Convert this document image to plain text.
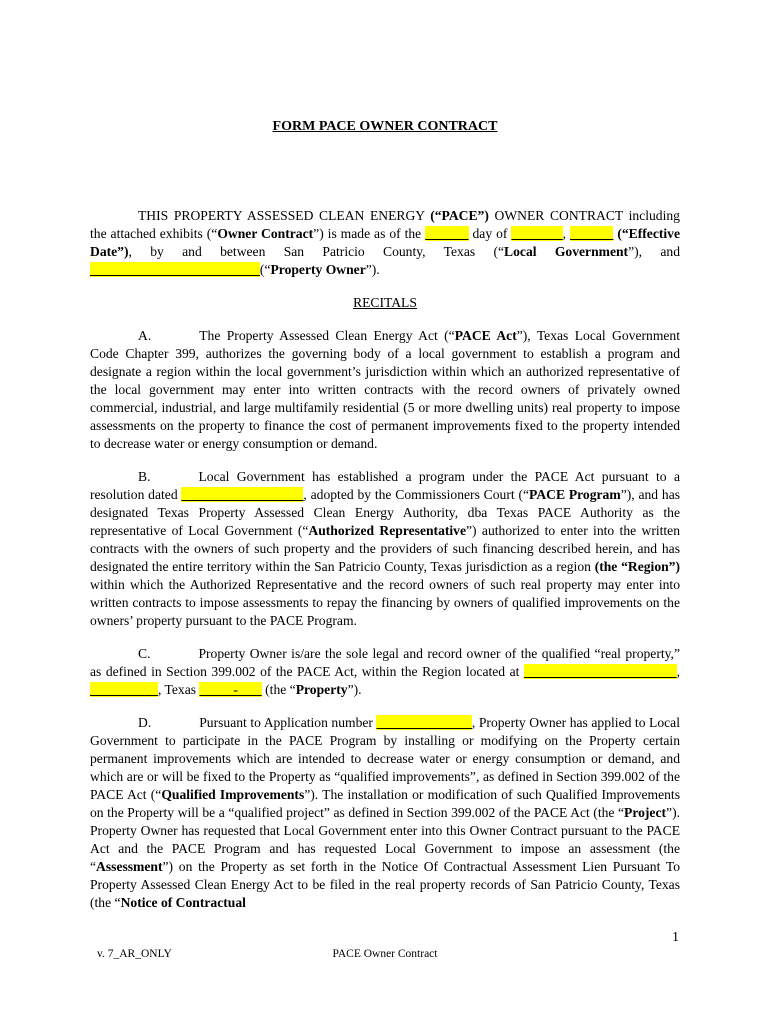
FORM PACE OWNER CONTRACT

THIS PROPERTY ASSESSED CLEAN ENERGY (“PACE”) OWNER CONTRACT including the attached exhibits (“Owner Contract”) is made as of the	day of	,	(“Effective Date”), by and between San Patricio County, Texas (“Local Government”), and                                                   (“Property Owner”).

RECITALS

A.	The Property Assessed Clean Energy Act (“PACE Act”), Texas Local Government Code Chapter 399, authorizes the governing body of a local government to establish a program and designate a region within the local government’s jurisdiction within which an authorized representative of the local government may enter into written contracts with the record owners of privately owned commercial, industrial, and large multifamily residential (5 or more dwelling units) real property to impose assessments on the property to finance the cost of permanent improvements fixed to the property intended to decrease water or energy consumption or demand.

B.	Local Government has established a program under the PACE Act pursuant to a resolution dated	, adopted by the Commissioners Court (“PACE Program”), and has designated Texas Property Assessed Clean Energy Authority, dba Texas PACE Authority as the representative of Local Government (“Authorized Representative”) authorized to enter into the written contracts with the owners of such property and the providers of such financing described herein, and has designated the entire territory within the San Patricio County, Texas jurisdiction as a region (the “Region”) within which the Authorized Representative and the record owners of such real property may enter into written contracts to impose assessments to repay the financing by owners of qualified improvements on the owners’ property pursuant to the PACE Program.

C.	Property Owner is/are the sole legal and record owner of the qualified “real property,” as defined in Section 399.002 of the PACE Act, within the Region located at	,                     , Texas           -        (the “Property”).

D.	Pursuant to Application number	, Property Owner has applied to Local Government to participate in the PACE Program by installing or modifying on the Property certain permanent improvements which are intended to decrease water or energy consumption or demand, and which are or will be fixed to the Property as “qualified improvements”, as defined in Section 399.002 of the PACE Act (“Qualified Improvements”). The installation or modification of such Qualified Improvements on the Property will be a “qualified project” as defined in Section 399.002 of the PACE Act (the “Project”). Property Owner has requested that Local Government enter into this Owner Contract pursuant to the PACE Act and the PACE Program and has requested Local Government to impose an assessment (the “Assessment”) on the Property as set forth in the Notice Of Contractual Assessment Lien Pursuant To Property Assessed Clean Energy Act to be filed in the real property records of San Patricio County, Texas (the “Notice of Contractual

1
v. 7_AR_ONLY	PACE Owner Contract
